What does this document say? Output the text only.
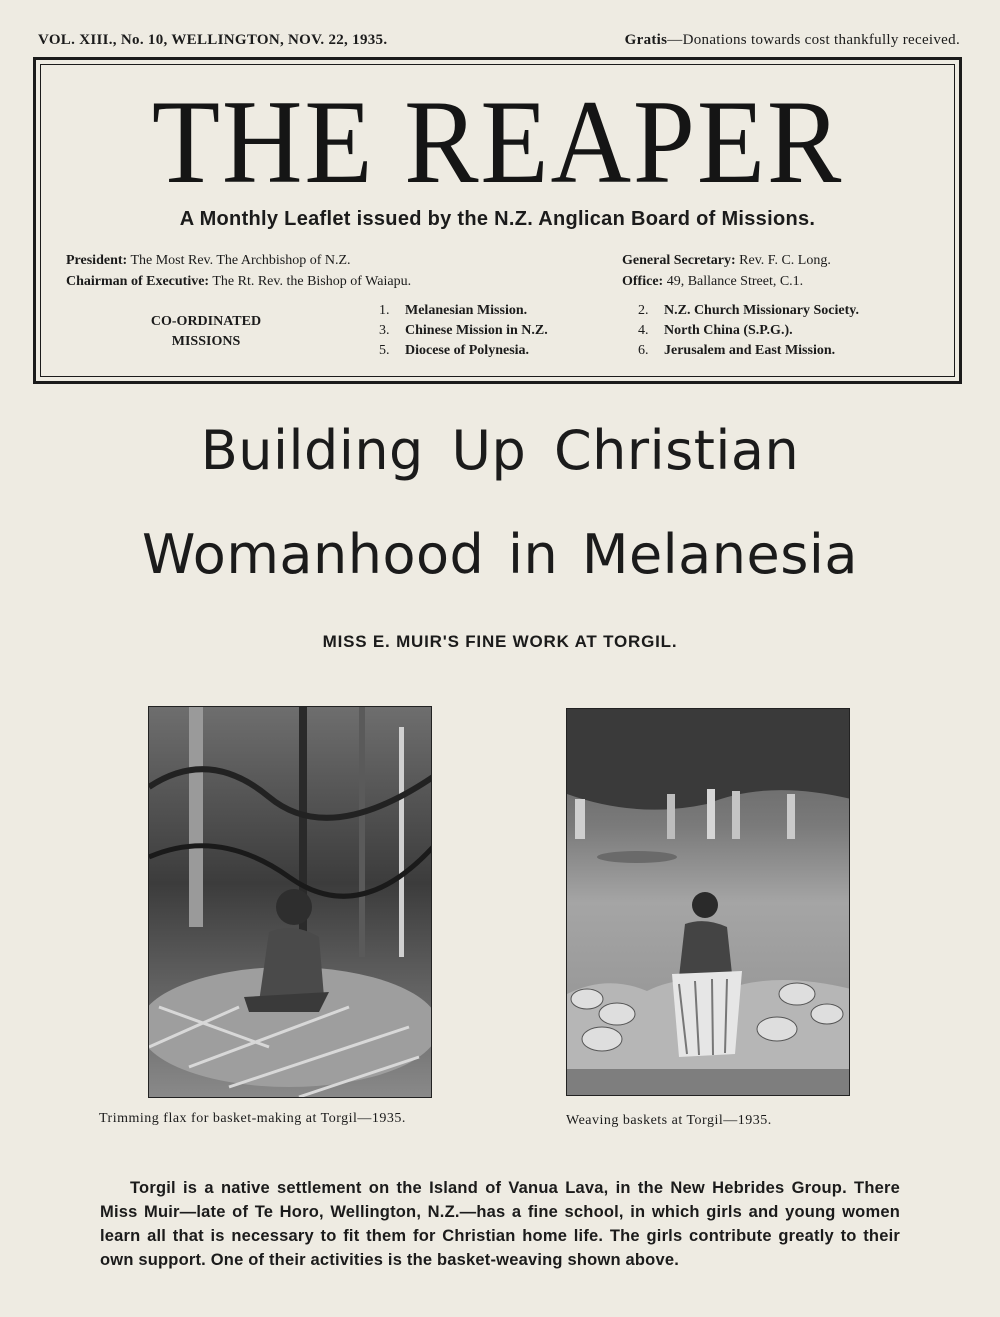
VOL. XIII., No. 10, WELLINGTON, NOV. 22, 1935.	Gratis—Donations towards cost thankfully received.
THE REAPER
A Monthly Leaflet issued by the N.Z. Anglican Board of Missions.
President: The Most Rev. The Archbishop of N.Z.
Chairman of Executive: The Rt. Rev. the Bishop of Waiapu.
General Secretary: Rev. F. C. Long.
Office: 49, Ballance Street, C.1.
CO-ORDINATED
MISSIONS
1. Melanesian Mission.
3. Chinese Mission in N.Z.
5. Diocese of Polynesia.
2. N.Z. Church Missionary Society.
4. North China (S.P.G.).
6. Jerusalem and East Mission.
Building Up Christian
Womanhood in Melanesia
MISS E. MUIR'S FINE WORK AT TORGIL.
Trimming flax for basket-making at Torgil—1935.	Weaving baskets at Torgil—1935.
Torgil is a native settlement on the Island of Vanua Lava, in the New Hebrides Group. There Miss Muir—late of Te Horo, Wellington, N.Z.—has a fine school, in which girls and young women learn all that is necessary to fit them for Christian home life. The girls contribute greatly to their own support. One of their activities is the basket-weaving shown above.
